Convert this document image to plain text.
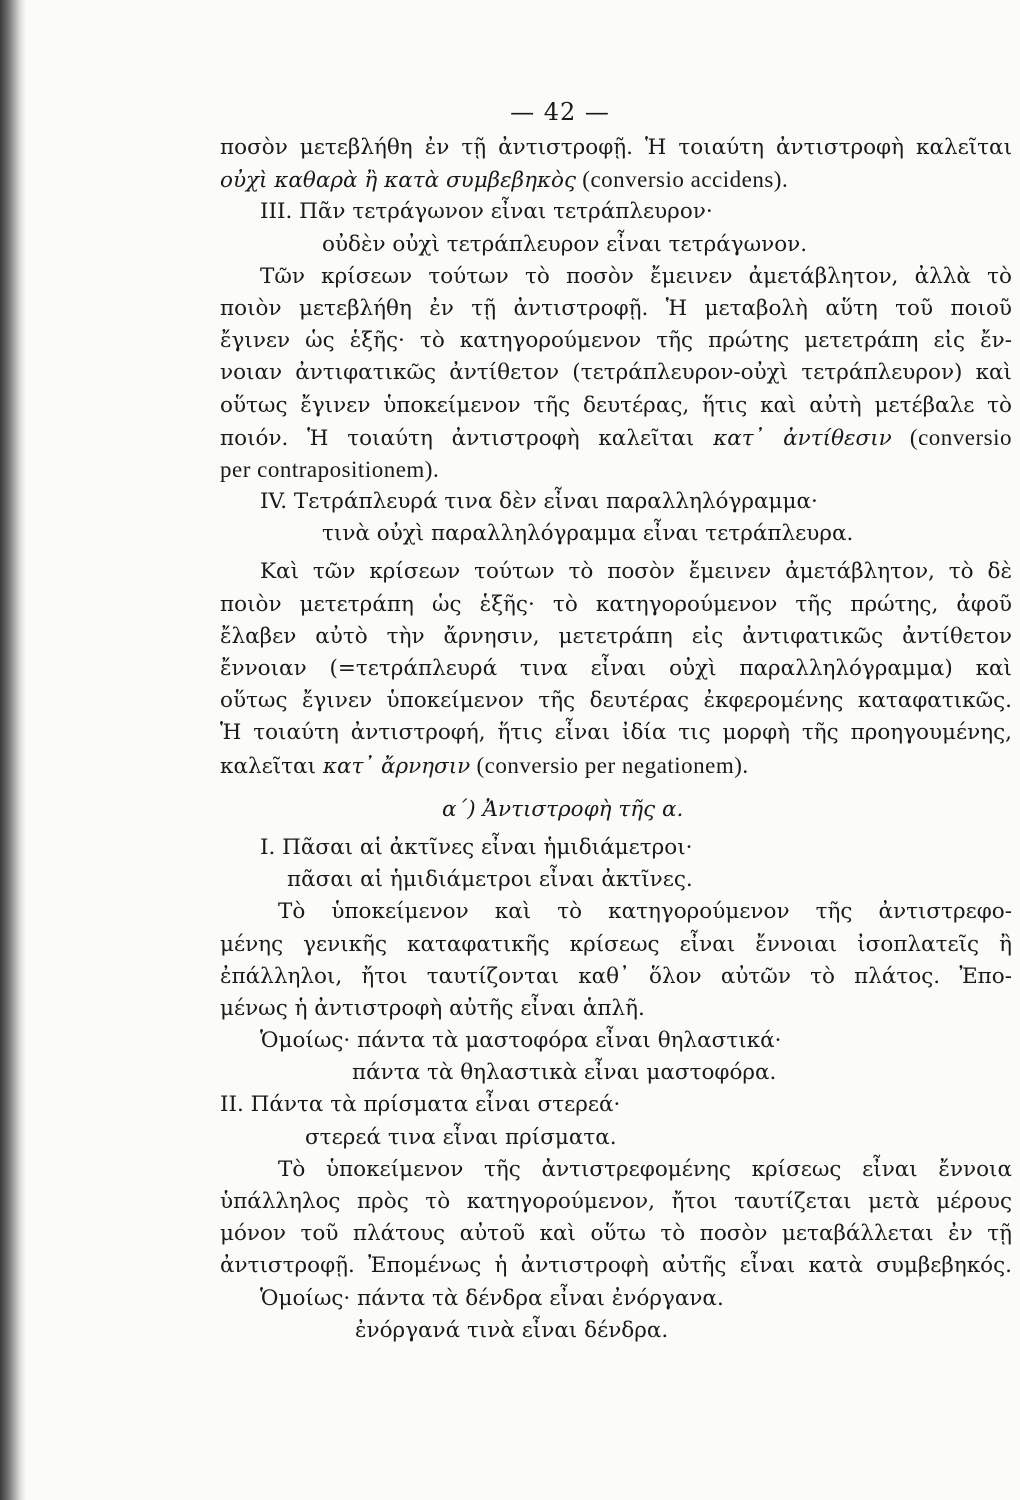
— 42 —
ποσὸν μετεβλήθη ἐν τῇ ἀντιστροφῇ. Ἡ τοιαύτη ἀντιστροφὴ καλεῖται
οὐχὶ καθαρὰ ἢ κατὰ συμβεβηκὸς (conversio accidens).
III. Πᾶν τετράγωνον εἶναι τετράπλευρον·
οὐδὲν οὐχὶ τετράπλευρον εἶναι τετράγωνον.
Τῶν κρίσεων τούτων τὸ ποσὸν ἔμεινεν ἀμετάβλητον, ἀλλὰ τὸ
ποιὸν μετεβλήθη ἐν τῇ ἀντιστροφῇ. Ἡ μεταβολὴ αὕτη τοῦ ποιοῦ
ἔγινεν ὡς ἑξῆς· τὸ κατηγορούμενον τῆς πρώτης μετετράπη εἰς ἔν-
νοιαν ἀντιφατικῶς ἀντίθετον (τετράπλευρον-οὐχὶ τετράπλευρον) καὶ
οὕτως ἔγινεν ὑποκείμενον τῆς δευτέρας, ἥτις καὶ αὐτὴ μετέβαλε τὸ
ποιόν. Ἡ τοιαύτη ἀντιστροφὴ καλεῖται κατ᾽ ἀντίθεσιν (conversio
per contrapositionem).
IV. Τετράπλευρά τινα δὲν εἶναι παραλληλόγραμμα·
τινὰ οὐχὶ παραλληλόγραμμα εἶναι τετράπλευρα.
Καὶ τῶν κρίσεων τούτων τὸ ποσὸν ἔμεινεν ἀμετάβλητον, τὸ δὲ
ποιὸν μετετράπη ὡς ἑξῆς· τὸ κατηγορούμενον τῆς πρώτης, ἀφοῦ
ἔλαβεν αὐτὸ τὴν ἄρνησιν, μετετράπη εἰς ἀντιφατικῶς ἀντίθετον
ἔννοιαν (=τετράπλευρά τινα εἶναι οὐχὶ παραλληλόγραμμα) καὶ
οὕτως ἔγινεν ὑποκείμενον τῆς δευτέρας ἐκφερομένης καταφατικῶς.
Ἡ τοιαύτη ἀντιστροφή, ἥτις εἶναι ἰδία τις μορφὴ τῆς προηγουμένης,
καλεῖται κατ᾽ ἄρνησιν (conversio per negationem).
α΄) Ἀντιστροφὴ τῆς α.
I. Πᾶσαι αἱ ἀκτῖνες εἶναι ἡμιδιάμετροι·
πᾶσαι αἱ ἡμιδιάμετροι εἶναι ἀκτῖνες.
Τὸ ὑποκείμενον καὶ τὸ κατηγορούμενον τῆς ἀντιστρεφο-
μένης γενικῆς καταφατικῆς κρίσεως εἶναι ἔννοιαι ἰσοπλατεῖς ἢ
ἐπάλληλοι, ἤτοι ταυτίζονται καθ᾽ ὅλον αὐτῶν τὸ πλάτος. Ἐπο-
μένως ἡ ἀντιστροφὴ αὐτῆς εἶναι ἁπλῆ.
Ὁμοίως· πάντα τὰ μαστοφόρα εἶναι θηλαστικά·
πάντα τὰ θηλαστικὰ εἶναι μαστοφόρα.
II. Πάντα τὰ πρίσματα εἶναι στερεά·
στερεά τινα εἶναι πρίσματα.
Τὸ ὑποκείμενον τῆς ἀντιστρεφομένης κρίσεως εἶναι ἔννοια
ὑπάλληλος πρὸς τὸ κατηγορούμενον, ἤτοι ταυτίζεται μετὰ μέρους
μόνον τοῦ πλάτους αὐτοῦ καὶ οὕτω τὸ ποσὸν μεταβάλλεται ἐν τῇ
ἀντιστροφῇ. Ἐπομένως ἡ ἀντιστροφὴ αὐτῆς εἶναι κατὰ συμβεβηκός.
Ὁμοίως· πάντα τὰ δένδρα εἶναι ἐνόργανα.
ἐνόργανά τινὰ εἶναι δένδρα.
